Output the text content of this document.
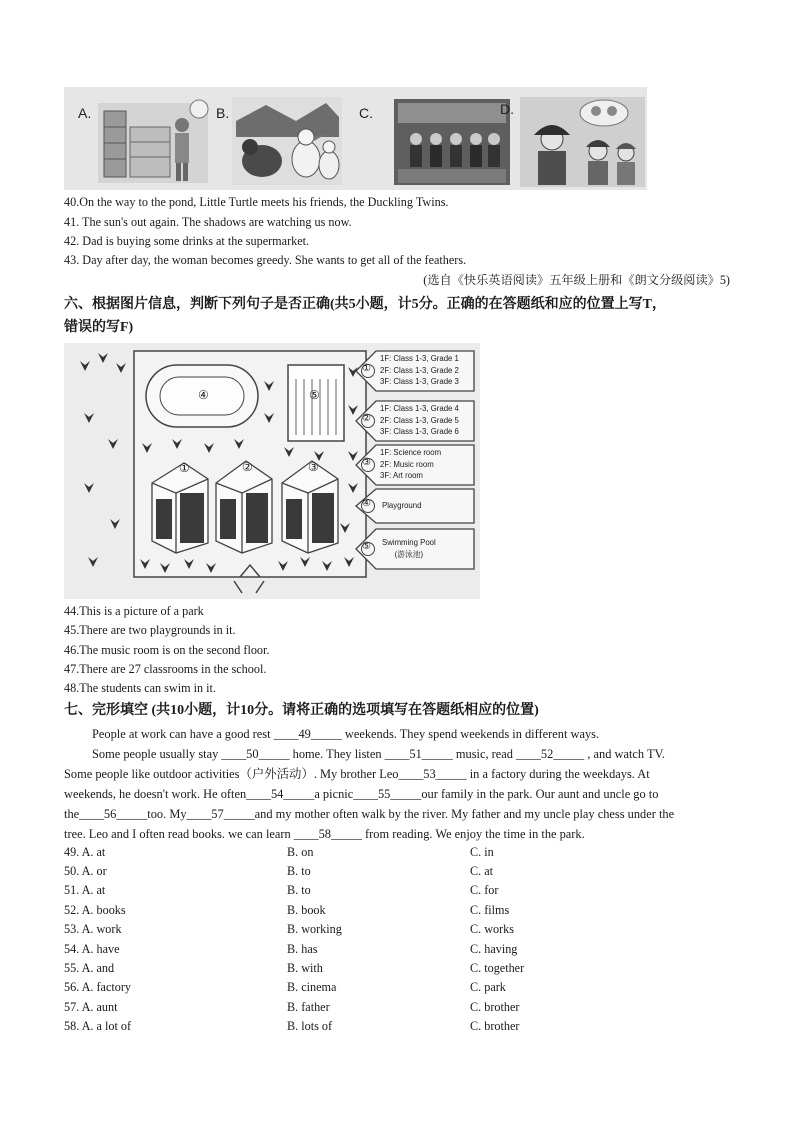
A.	B.	C.	D.
40.On the way to the pond, Little Turtle meets his friends, the Duckling Twins.
41. The sun's out again. The shadows are watching us now.
42. Dad is buying some drinks at the supermarket.
43. Day after day, the woman becomes greedy. She wants to get all of the feathers.
(选自《快乐英语阅读》五年级上册和《朗文分级阅读》5)
六、根据图片信息，判断下列句子是否正确(共5小题，计5分。正确的在答题纸和应的位置上写T，
错误的写F)
④	⑤
①	②	③
①
②
③
④
⑤
1F: Class 1-3, Grade 1
2F: Class 1-3, Grade 2
3F: Class 1-3, Grade 3
1F: Class 1-3, Grade 4
2F: Class 1-3, Grade 5
3F: Class 1-3, Grade 6
1F: Science room
2F: Music room
3F: Art room
Playground
Swimming Pool
(游泳池)
44.This is a picture of a park
45.There are two playgrounds in it.
46.The music room is on the second floor.
47.There are 27 classrooms in the school.
48.The students can swim in it.
七、完形填空 (共10小题，计10分。请将正确的选项填写在答题纸相应的位置)
People at work can have a good rest ____49_____ weekends. They spend weekends in different ways.
Some people usually stay ____50_____ home. They listen ____51_____ music, read ____52_____ , and watch TV.
Some people like outdoor activities（户外活动）. My brother Leo____53_____ in a factory during the weekdays. At
weekends, he doesn't work. He often____54_____a picnic____55_____our family in the park. Our aunt and uncle go to
the____56_____too. My____57_____and my mother often walk by the river. My father and my uncle play chess under the
tree. Leo and I often read books. we can learn ____58_____ from reading. We enjoy the time in the park.
49. A. at	B. on	C. in
50. A. or	B. to	C. at
51. A. at	B. to	C. for
52. A. books	B. book	C. films
53. A. work	B. working	C. works
54. A. have	B. has	C. having
55. A. and	B. with	C. together
56. A. factory	B. cinema	C. park
57. A. aunt	B. father	C. brother
58. A. a lot of	B. lots of	C. brother
